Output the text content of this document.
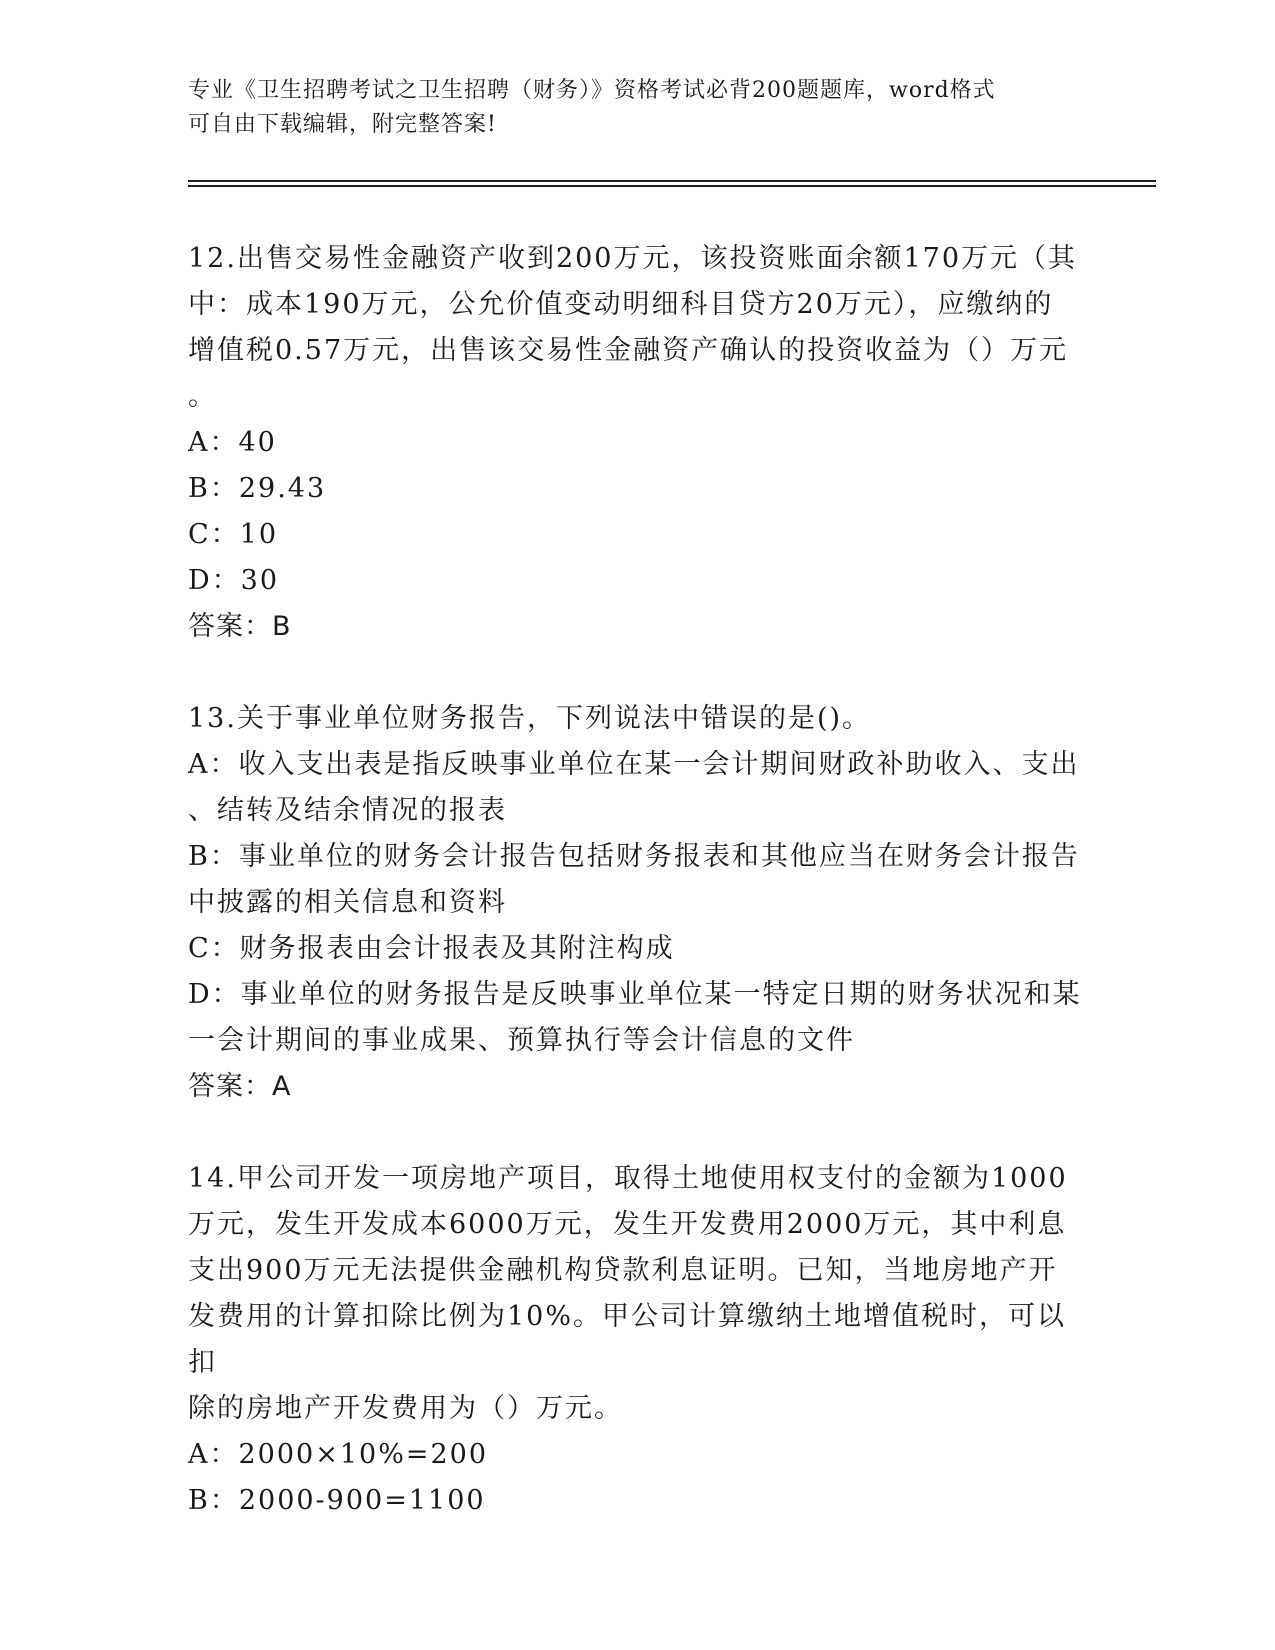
专业《卫生招聘考试之卫生招聘（财务）》资格考试必背200题题库，word格式
可自由下载编辑，附完整答案!
12.出售交易性金融资产收到200万元，该投资账面余额170万元（其
中：成本190万元，公允价值变动明细科目贷方20万元），应缴纳的
增值税0.57万元，出售该交易性金融资产确认的投资收益为（）万元
。
A：40
B：29.43
C：10
D：30
答案：B
13.关于事业单位财务报告，下列说法中错误的是()。
A：收入支出表是指反映事业单位在某一会计期间财政补助收入、支出
、结转及结余情况的报表
B：事业单位的财务会计报告包括财务报表和其他应当在财务会计报告
中披露的相关信息和资料
C：财务报表由会计报表及其附注构成
D：事业单位的财务报告是反映事业单位某一特定日期的财务状况和某
一会计期间的事业成果、预算执行等会计信息的文件
答案：A
14.甲公司开发一项房地产项目，取得土地使用权支付的金额为1000
万元，发生开发成本6000万元，发生开发费用2000万元，其中利息
支出900万元无法提供金融机构贷款利息证明。已知，当地房地产开
发费用的计算扣除比例为10%。甲公司计算缴纳土地增值税时，可以扣
除的房地产开发费用为（）万元。
A：2000×10%=200
B：2000-900=1100
